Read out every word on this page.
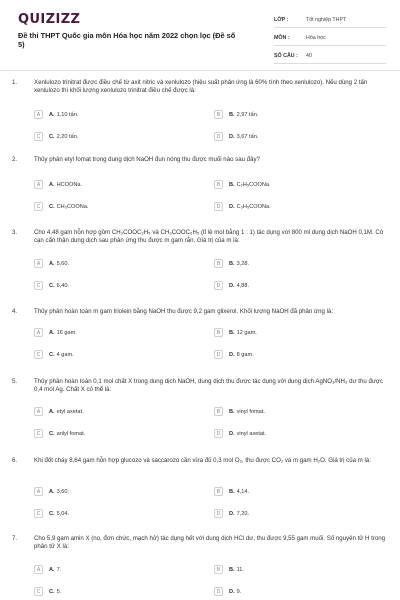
QUIZIZZ
Đề thi THPT Quốc gia môn Hóa học năm 2022 chọn lọc (Đề số 5)
LỚP :	Tốt nghiệp THPT
MÔN :	Hóa học
SỐ CÂU :	40
1.	Xenlulozo trinitrat được điều chế từ axit nitric và xenlulozo (hiệu suất phản ứng là 60% tính theo xenlulozo). Nếu dùng 2 tấn xenlulozo thì khối lượng xenlulozo trinitrat điều chế được là:
A	A. 1,10 tấn.	B	B. 2,97 tấn.
C	C. 2,20 tấn.	D	D. 3,67 tấn.
2.	Thủy phân etyl fomat trong dung dịch NaOH đun nóng thu được muối nào sau đây?
A	A. HCOONa.	B	B. C₂H₅COONa.
C	C. CH₃COONa.	D	D. C₃H₅COONa.
3.	Cho 4,48 gam hỗn hợp gồm CH₃COOC₂H₅ và CH₃COOC₆H₅ (tỉ lệ mol bằng 1 : 1) tác dụng với 800 ml dung dịch NaOH 0,1M. Cô cạn cẩn thận dung dịch sau phản ứng thu được m gam rắn. Giá trị của m là:
A	A. 5,60.	B	B. 3,28.
C	C. 6,40.	D	D. 4,88.
4.	Thủy phân hoàn toàn m gam triolein bằng NaOH thu được 9,2 gam glixerol. Khối lượng NaOH đã phản ứng là:
A	A. 16 gam.	B	B. 12 gam.
C	C. 4 gam.	D	D. 8 gam.
5.	Thủy phân hoàn toàn 0,1 mol chất X trong dung dịch NaOH, dung dịch thu được tác dụng với dung dịch AgNO₃/NH₃ dư thu được 0,4 mol Ag. Chất X có thể là:
A	A. etyl axetat.	B	B. vinyl fomat.
C	C. anlyl fomat.	D	D. vinyl axetat.
6.	Khi đốt cháy 8,64 gam hỗn hợp glucozo và saccarozo cần vừa đủ 0,3 mol O₂, thu được CO₂ và m gam H₂O. Giá trị của m là:
A	A. 3,60.	B	B. 4,14.
C	C. 5,04.	D	D. 7,20.
7.	Cho 5,9 gam amin X (no, đơn chức, mạch hở) tác dụng hết với dung dịch HCl dư, thu được 9,55 gam muối. Số nguyên tử H trong phân tử X là:
A	A. 7.	B	B. 11.
C	C. 5.	D	D. 9.
